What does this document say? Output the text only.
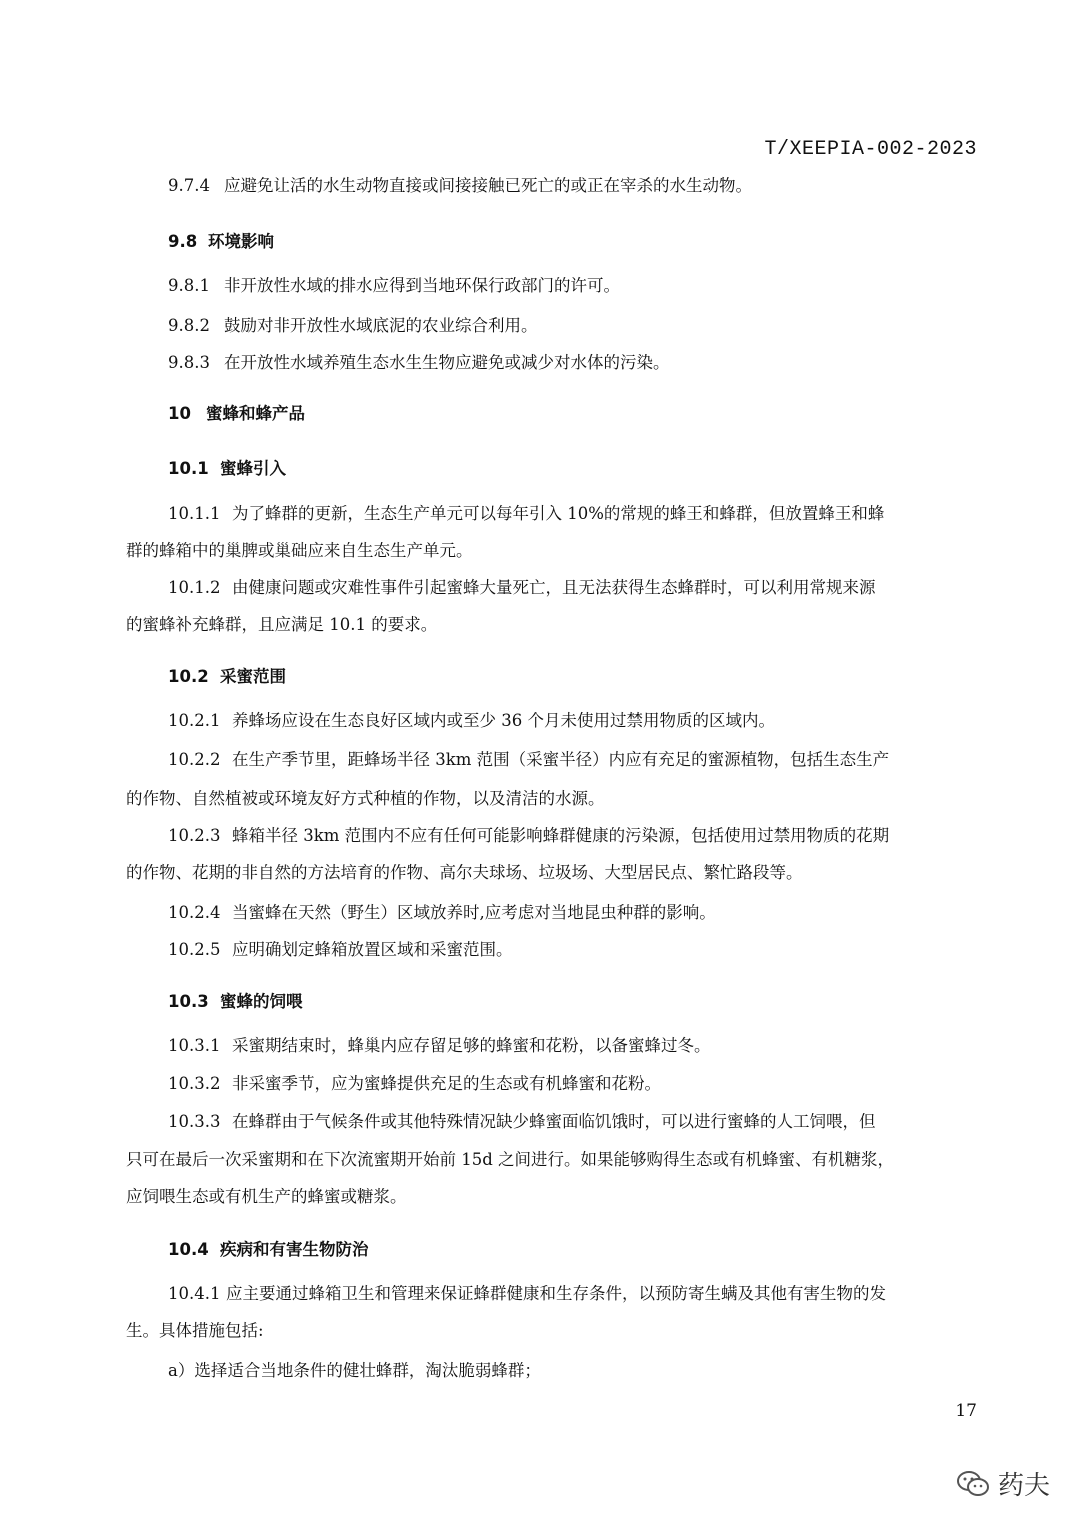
T/XEEPIA-002-2023
9.7.4 应避免让活的水生动物直接或间接接触已死亡的或正在宰杀的水生动物。
9.8 环境影响
9.8.1 非开放性水域的排水应得到当地环保行政部门的许可。
9.8.2 鼓励对非开放性水域底泥的农业综合利用。
9.8.3 在开放性水域养殖生态水生生物应避免或减少对水体的污染。
10 蜜蜂和蜂产品
10.1 蜜蜂引入
10.1.1 为了蜂群的更新，生态生产单元可以每年引入 10%的常规的蜂王和蜂群，但放置蜂王和蜂
群的蜂箱中的巢脾或巢础应来自生态生产单元。
10.1.2 由健康问题或灾难性事件引起蜜蜂大量死亡，且无法获得生态蜂群时，可以利用常规来源
的蜜蜂补充蜂群，且应满足 10.1 的要求。
10.2 采蜜范围
10.2.1 养蜂场应设在生态良好区域内或至少 36 个月未使用过禁用物质的区域内。
10.2.2 在生产季节里，距蜂场半径 3km 范围（采蜜半径）内应有充足的蜜源植物，包括生态生产
的作物、自然植被或环境友好方式种植的作物，以及清洁的水源。
10.2.3 蜂箱半径 3km 范围内不应有任何可能影响蜂群健康的污染源，包括使用过禁用物质的花期
的作物、花期的非自然的方法培育的作物、高尔夫球场、垃圾场、大型居民点、繁忙路段等。
10.2.4 当蜜蜂在天然（野生）区域放养时,应考虑对当地昆虫种群的影响。
10.2.5 应明确划定蜂箱放置区域和采蜜范围。
10.3 蜜蜂的饲喂
10.3.1 采蜜期结束时，蜂巢内应存留足够的蜂蜜和花粉，以备蜜蜂过冬。
10.3.2 非采蜜季节，应为蜜蜂提供充足的生态或有机蜂蜜和花粉。
10.3.3 在蜂群由于气候条件或其他特殊情况缺少蜂蜜面临饥饿时，可以进行蜜蜂的人工饲喂，但
只可在最后一次采蜜期和在下次流蜜期开始前 15d 之间进行。如果能够购得生态或有机蜂蜜、有机糖浆，
应饲喂生态或有机生产的蜂蜜或糖浆。
10.4 疾病和有害生物防治
10.4.1 应主要通过蜂箱卫生和管理来保证蜂群健康和生存条件，以预防寄生螨及其他有害生物的发
生。具体措施包括:
a）选择适合当地条件的健壮蜂群，淘汰脆弱蜂群；
17
药夫
